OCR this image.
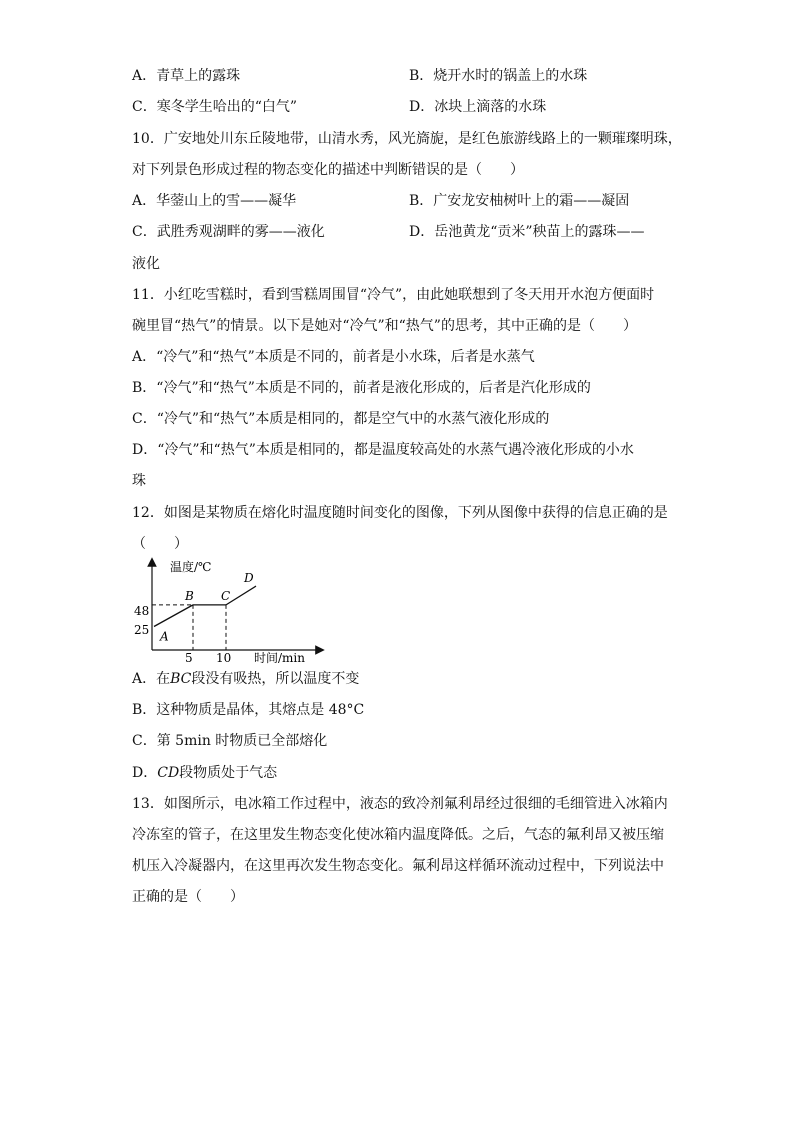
A．青草上的露珠	B．烧开水时的锅盖上的水珠
C．寒冬学生哈出的“白气”	D．冰块上滴落的水珠
10．广安地处川东丘陵地带，山清水秀，风光旖旎，是红色旅游线路上的一颗璀璨明珠，
对下列景色形成过程的物态变化的描述中判断错误的是（　　）
A．华蓥山上的雪——凝华	B．广安龙安柚树叶上的霜——凝固
C．武胜秀观湖畔的雾——液化	D．岳池黄龙“贡米”秧苗上的露珠——
液化
11．小红吃雪糕时，看到雪糕周围冒“冷气”，由此她联想到了冬天用开水泡方便面时
碗里冒“热气”的情景。以下是她对“冷气”和“热气”的思考，其中正确的是（　　）
A．“冷气”和“热气”本质是不同的，前者是小水珠，后者是水蒸气
B．“冷气”和“热气”本质是不同的，前者是液化形成的，后者是汽化形成的
C．“冷气”和“热气”本质是相同的，都是空气中的水蒸气液化形成的
D．“冷气”和“热气”本质是相同的，都是温度较高处的水蒸气遇冷液化形成的小水
珠
12．如图是某物质在熔化时温度随时间变化的图像，下列从图像中获得的信息正确的是
（　　）
温度/℃
时间/min
48
25
5 10
A
B C
D
A．在BC段没有吸热，所以温度不变
B．这种物质是晶体，其熔点是 48°C
C．第 5min 时物质已全部熔化
D．CD段物质处于气态
13．如图所示，电冰箱工作过程中，液态的致冷剂氟利昂经过很细的毛细管进入冰箱内
冷冻室的管子，在这里发生物态变化使冰箱内温度降低。之后，气态的氟利昂又被压缩
机压入冷凝器内，在这里再次发生物态变化。氟利昂这样循环流动过程中，下列说法中
正确的是（　　）
